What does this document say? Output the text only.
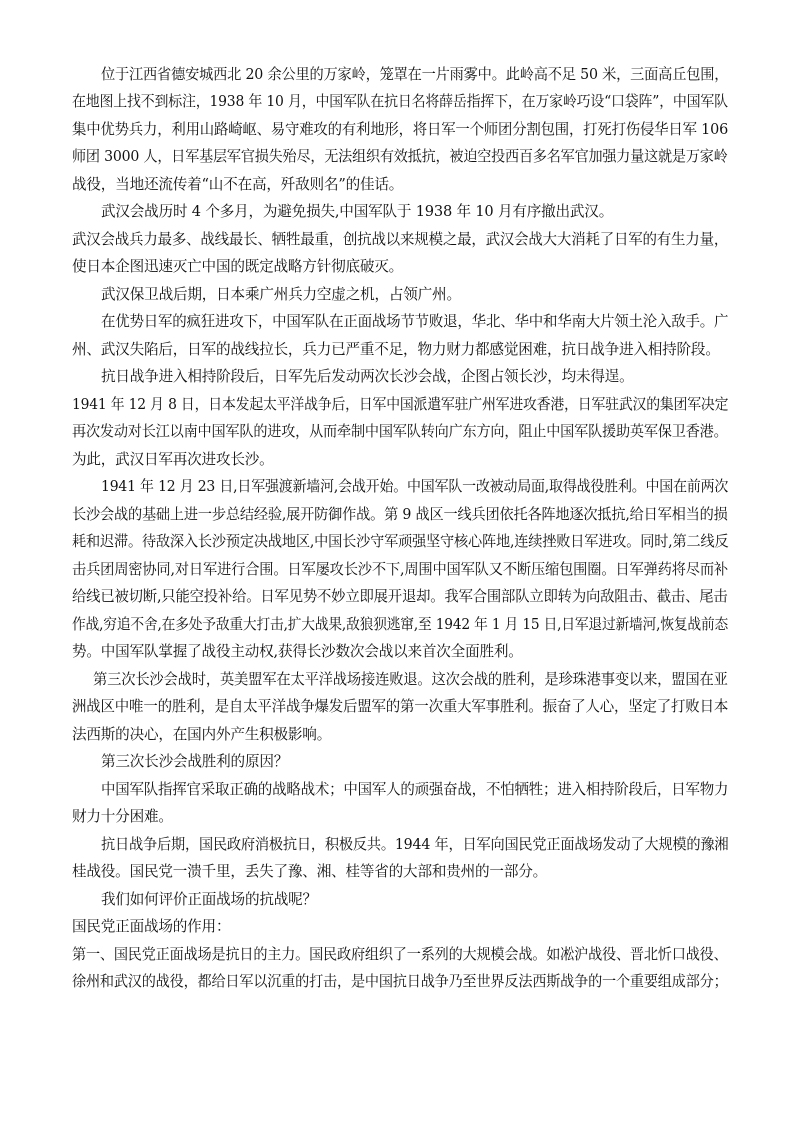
位于江西省德安城西北 20 余公里的万家岭，笼罩在一片雨雾中。此岭高不足 50 米，三面高丘包围，
在地图上找不到标注，1938 年 10 月，中国军队在抗日名将薛岳指挥下，在万家岭巧设“口袋阵”，中国军队
集中优势兵力，利用山路崎岖、易守难攻的有利地形，将日军一个师团分割包围，打死打伤侵华日军 106
师团 3000 人，日军基层军官损失殆尽，无法组织有效抵抗，被迫空投西百多名军官加强力量这就是万家岭
战役，当地还流传着“山不在高，歼敌则名”的佳话。
武汉会战历时 4 个多月，为避免损失,中国军队于 1938 年 10 月有序撤出武汉。
武汉会战兵力最多、战线最长、牺牲最重，创抗战以来规模之最，武汉会战大大消耗了日军的有生力量，
使日本企图迅速灭亡中国的既定战略方针彻底破灭。
武汉保卫战后期，日本乘广州兵力空虚之机，占领广州。
在优势日军的疯狂进攻下，中国军队在正面战场节节败退，华北、华中和华南大片领土沦入敌手。广
州、武汉失陷后，日军的战线拉长，兵力已严重不足，物力财力都感觉困难，抗日战争进入相持阶段。
抗日战争进入相持阶段后，日军先后发动两次长沙会战，企图占领长沙，均未得逞。
1941 年 12 月 8 日，日本发起太平洋战争后，日军中国派遣军驻广州军进攻香港，日军驻武汉的集团军决定
再次发动对长江以南中国军队的进攻，从而牵制中国军队转向广东方向，阻止中国军队援助英军保卫香港。
为此，武汉日军再次进攻长沙。
1941 年 12 月 23 日,日军强渡新墙河,会战开始。中国军队一改被动局面,取得战役胜利。中国在前两次
长沙会战的基础上进一步总结经验,展开防御作战。第 9 战区一线兵团依托各阵地逐次抵抗,给日军相当的损
耗和迟滞。待敌深入长沙预定决战地区,中国长沙守军顽强坚守核心阵地,连续挫败日军进攻。同时,第二线反
击兵团周密协同,对日军进行合围。日军屡攻长沙不下,周围中国军队又不断压缩包围圈。日军弹药将尽而补
给线已被切断,只能空投补给。日军见势不妙立即展开退却。我军合围部队立即转为向敌阻击、截击、尾击
作战,穷追不舍,在多处予敌重大打击,扩大战果,敌狼狈逃窜,至 1942 年 1 月 15 日,日军退过新墙河,恢复战前态
势。中国军队掌握了战役主动权,获得长沙数次会战以来首次全面胜利。
第三次长沙会战时，英美盟军在太平洋战场接连败退。这次会战的胜利，是珍珠港事变以来，盟国在亚
洲战区中唯一的胜利，是自太平洋战争爆发后盟军的第一次重大军事胜利。振奋了人心，坚定了打败日本
法西斯的决心，在国内外产生积极影响。
第三次长沙会战胜利的原因？
中国军队指挥官采取正确的战略战术；中国军人的顽强奋战，不怕牺牲；进入相持阶段后，日军物力
财力十分困难。
抗日战争后期，国民政府消极抗日，积极反共。1944 年，日军向国民党正面战场发动了大规模的豫湘
桂战役。国民党一溃千里，丢失了豫、湘、桂等省的大部和贵州的一部分。
我们如何评价正面战场的抗战呢？
国民党正面战场的作用：
第一、国民党正面战场是抗日的主力。国民政府组织了一系列的大规模会战。如凇沪战役、晋北忻口战役、
徐州和武汉的战役，都给日军以沉重的打击，是中国抗日战争乃至世界反法西斯战争的一个重要组成部分；
